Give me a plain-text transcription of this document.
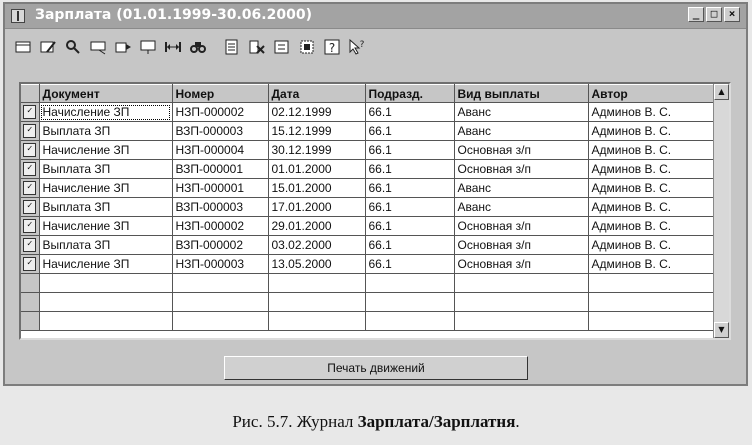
Зарплата (01.01.1999-30.06.2000)	_	□	×
?	?
	Документ	Номер	Дата	Подразд.	Вид выплаты	Автор
✓	Начисление ЗП	НЗП-000002	02.12.1999	66.1	Аванс	Админов В. С.
✓	Выплата ЗП	ВЗП-000003	15.12.1999	66.1	Аванс	Админов В. С.
✓	Начисление ЗП	НЗП-000004	30.12.1999	66.1	Основная з/п	Админов В. С.
✓	Выплата ЗП	ВЗП-000001	01.01.2000	66.1	Основная з/п	Админов В. С.
✓	Начисление ЗП	НЗП-000001	15.01.2000	66.1	Аванс	Админов В. С.
✓	Выплата ЗП	ВЗП-000003	17.01.2000	66.1	Аванс	Админов В. С.
✓	Начисление ЗП	НЗП-000002	29.01.2000	66.1	Основная з/п	Админов В. С.
✓	Выплата ЗП	ВЗП-000002	03.02.2000	66.1	Основная з/п	Админов В. С.
✓	Начисление ЗП	НЗП-000003	13.05.2000	66.1	Основная з/п	Админов В. С.

▲
▼
Печать движений
Рис. 5.7. Журнал Зарплата/Зарплатня.
